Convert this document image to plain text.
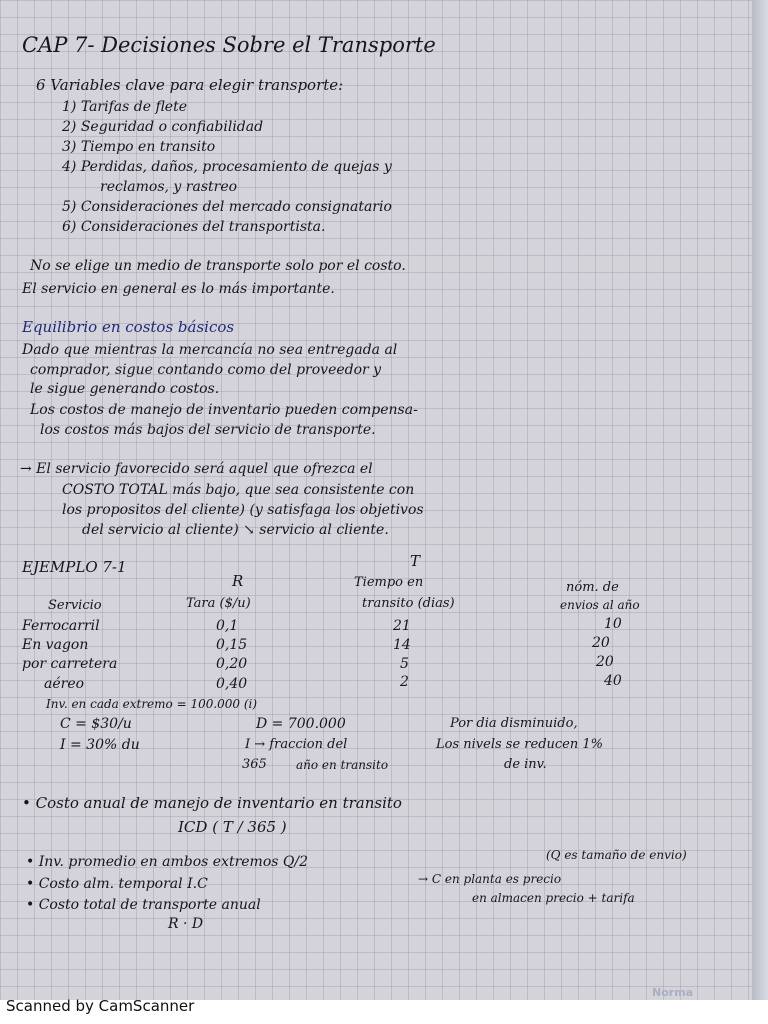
CAP 7- Decisiones Sobre el Transporte
6 Variables clave para elegir transporte:
1) Tarifas de flete
2) Seguridad o confiabilidad
3) Tiempo en transito
4) Perdidas, daños, procesamiento de quejas y
reclamos, y rastreo
5) Consideraciones del mercado consignatario
6) Consideraciones del transportista.
No se elige un medio de transporte solo por el costo.
El servicio en general es lo más importante.
Equilibrio en costos básicos
Dado que mientras la mercancía no sea entregada al
comprador, sigue contando como del proveedor y
le sigue generando costos.
Los costos de manejo de inventario pueden compensa-
los costos más bajos del servicio de transporte.
→ El servicio favorecido será aquel que ofrezca el
COSTO TOTAL más bajo, que sea consistente con
los propositos del cliente) (y satisfaga los objetivos
del servicio al cliente) ↘ servicio al cliente.
EJEMPLO 7-1
R
T
Servicio	Tara ($/u)
Tiempo en
transito (dias)
nóm. de
envios al año
Ferrocarril	0,1	21	10
En vagon	0,15	14	20
por carretera	0,20	5	20
aéreo	0,40	2	40
Inv. en cada extremo = 100.000 (i)
C = $30/u	D = 700.000	Por dia disminuido,
I = 30% du	I → fraccion del	Los nivels se reducen 1%
365 año en transito	de inv.
• Costo anual de manejo de inventario en transito
ICD ( T / 365 )
• Inv. promedio en ambos extremos Q/2	(Q es tamaño de envio)
• Costo alm. temporal I.C	→ C en planta es precio
en almacen precio + tarifa
• Costo total de transporte anual
R · D
Norma
Scanned by CamScanner
